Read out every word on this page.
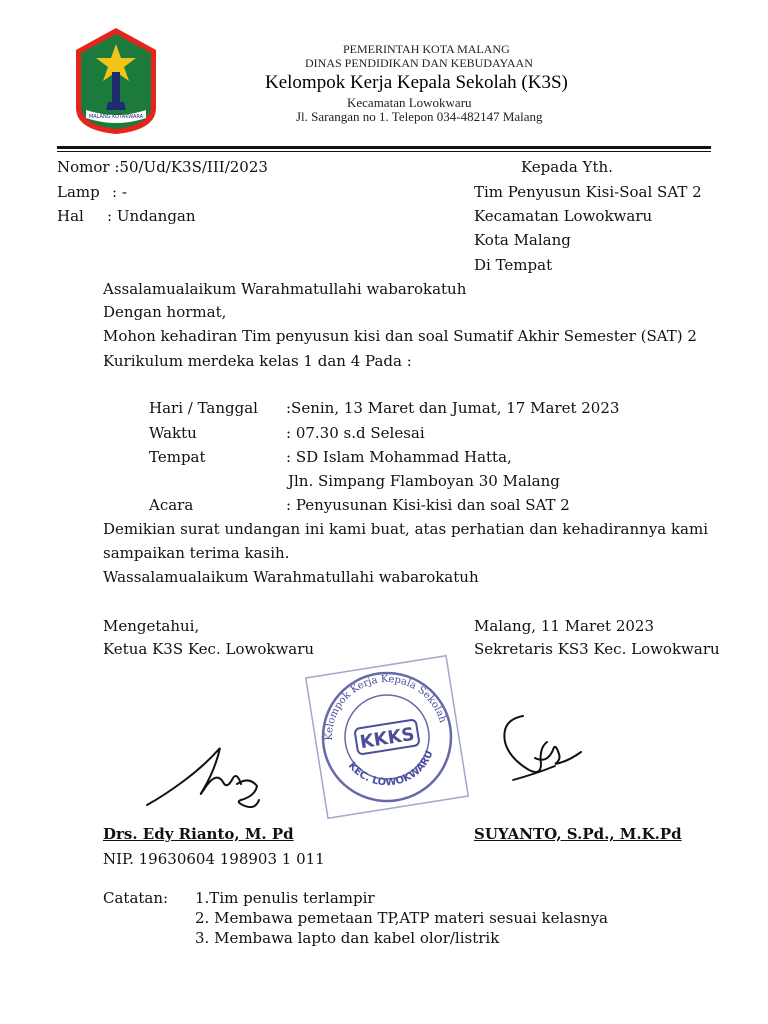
MALANG KOTAKWARA
PEMERINTAH KOTA MALANG
DINAS PENDIDIKAN DAN KEBUDAYAAN
Kelompok Kerja Kepala Sekolah (K3S)
Kecamatan Lowokwaru
Jl. Sarangan no 1. Telepon 034-482147 Malang
Nomor :50/Ud/K3S/III/2023
Lamp : -
Hal : Undangan
Kepada Yth.
Tim Penyusun Kisi-Soal SAT 2
Kecamatan Lowokwaru
Kota Malang
Di Tempat
Assalamualaikum Warahmatullahi wabarokatuh
Dengan hormat,
Mohon kehadiran Tim penyusun kisi dan soal Sumatif Akhir Semester (SAT) 2
Kurikulum merdeka kelas 1 dan 4 Pada :
Hari / Tanggal :Senin, 13 Maret dan Jumat, 17 Maret 2023
Waktu	: 07.30 s.d Selesai
Tempat	: SD Islam Mohammad Hatta,
Jln. Simpang Flamboyan 30 Malang
Acara	: Penyusunan Kisi-kisi dan soal SAT 2
Demikian surat undangan ini kami buat, atas perhatian dan kehadirannya kami
sampaikan terima kasih.
Wassalamualaikum Warahmatullahi wabarokatuh
Mengetahui,
Ketua K3S Kec. Lowokwaru
Malang, 11 Maret 2023
Sekretaris KS3 Kec. Lowokwaru
KKKS
Kelompok Kerja Kepala Sekolah
KEC. LOWOKWARU
Drs. Edy Rianto, M. Pd
NIP. 19630604 198903 1 011
SUYANTO, S.Pd., M.K.Pd
Catatan: 1.Tim penulis terlampir
2. Membawa pemetaan TP,ATP materi sesuai kelasnya
3. Membawa lapto dan kabel olor/listrik
